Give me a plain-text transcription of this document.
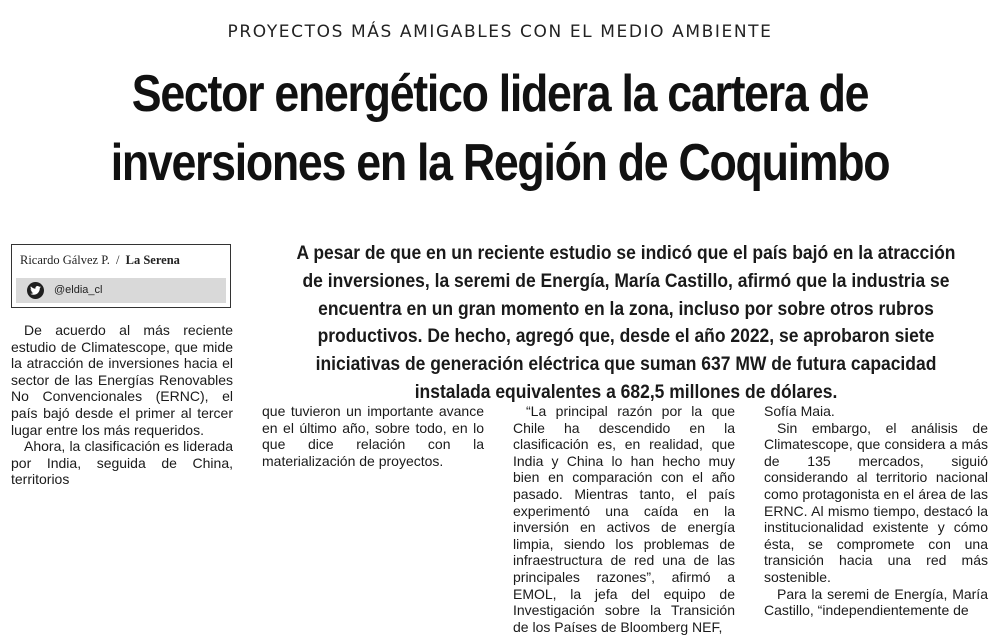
PROYECTOS MÁS AMIGABLES CON EL MEDIO AMBIENTE
Sector energético lidera la cartera de
inversiones en la Región de Coquimbo
Ricardo Gálvez P. / La Serena
@eldia_cl
A pesar de que en un reciente estudio se indicó que el país bajó en la atracción de inversiones, la seremi de Energía, María Castillo, afirmó que la industria se encuentra en un gran momento en la zona, incluso por sobre otros rubros productivos. De hecho, agregó que, desde el año 2022, se aprobaron siete iniciativas de generación eléctrica que suman 637 MW de futura capacidad instalada equivalentes a 682,5 millones de dólares.

De acuerdo al más reciente estudio de Climatescope, que mide la atracción de inversiones hacia el sector de las Energías Renovables No Convencionales (ERNC), el país bajó desde el primer al tercer lugar entre los más requeridos.

Ahora, la clasificación es liderada por India, seguida de China, territorios

que tuvieron un importante avance en el último año, sobre todo, en lo que dice relación con la materialización de proyectos.

“La principal razón por la que Chile ha descendido en la clasificación es, en realidad, que India y China lo han hecho muy bien en comparación con el año pasado. Mientras tanto, el país experimentó una caída en la inversión en activos de energía limpia, siendo los problemas de infraestructura de red una de las principales razones”, afirmó a EMOL, la jefa del equipo de Investigación sobre la Transición de los Países de Bloomberg NEF,

Sofía Maia.

Sin embargo, el análisis de Climatescope, que considera a más de 135 mercados, siguió considerando al territorio nacional como protagonista en el área de las ERNC. Al mismo tiempo, destacó la institucionalidad existente y cómo ésta, se compromete con una transición hacia una red más sostenible.

Para la seremi de Energía, María Castillo, “independientemente de
